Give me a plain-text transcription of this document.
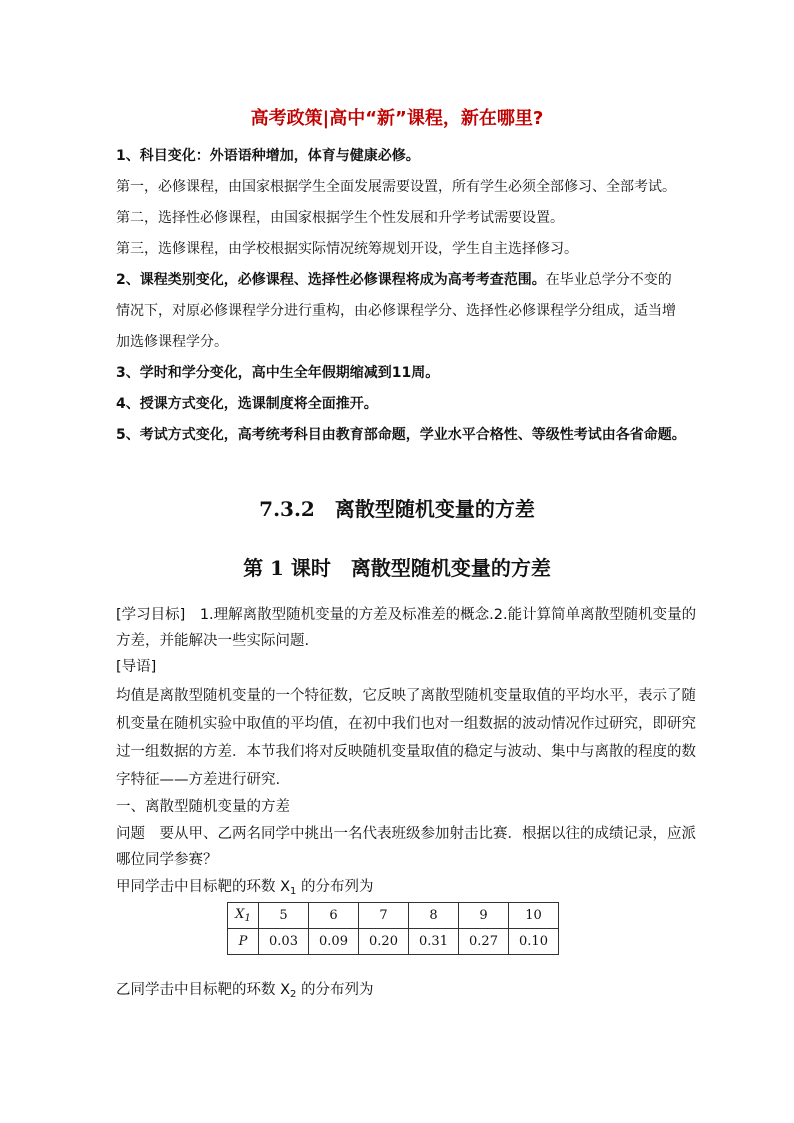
高考政策|高中“新”课程，新在哪里?
1、科目变化：外语语种增加，体育与健康必修。
第一，必修课程，由国家根据学生全面发展需要设置，所有学生必须全部修习、全部考试。
第二，选择性必修课程，由国家根据学生个性发展和升学考试需要设置。
第三，选修课程，由学校根据实际情况统筹规划开设，学生自主选择修习。
2、课程类别变化，必修课程、选择性必修课程将成为高考考查范围。在毕业总学分不变的
情况下，对原必修课程学分进行重构，由必修课程学分、选择性必修课程学分组成，适当增
加选修课程学分。
3、学时和学分变化，高中生全年假期缩减到11周。
4、授课方式变化，选课制度将全面推开。
5、考试方式变化，高考统考科目由教育部命题，学业水平合格性、等级性考试由各省命题。
7.3.2　离散型随机变量的方差
第 1 课时　离散型随机变量的方差
[学习目标]　1.理解离散型随机变量的方差及标准差的概念.2.能计算简单离散型随机变量的
方差，并能解决一些实际问题.
[导语]
均值是离散型随机变量的一个特征数，它反映了离散型随机变量取值的平均水平，表示了随
机变量在随机实验中取值的平均值，在初中我们也对一组数据的波动情况作过研究，即研究
过一组数据的方差．本节我们将对反映随机变量取值的稳定与波动、集中与离散的程度的数
字特征——方差进行研究.
一、离散型随机变量的方差
问题　要从甲、乙两名同学中挑出一名代表班级参加射击比赛．根据以往的成绩记录，应派
哪位同学参赛？
甲同学击中目标靶的环数 $X_1$ 的分布列为
$X_1$	5	6	7	8	9	10
P	0.03	0.09	0.20	0.31	0.27	0.10
乙同学击中目标靶的环数 $X_2$ 的分布列为
